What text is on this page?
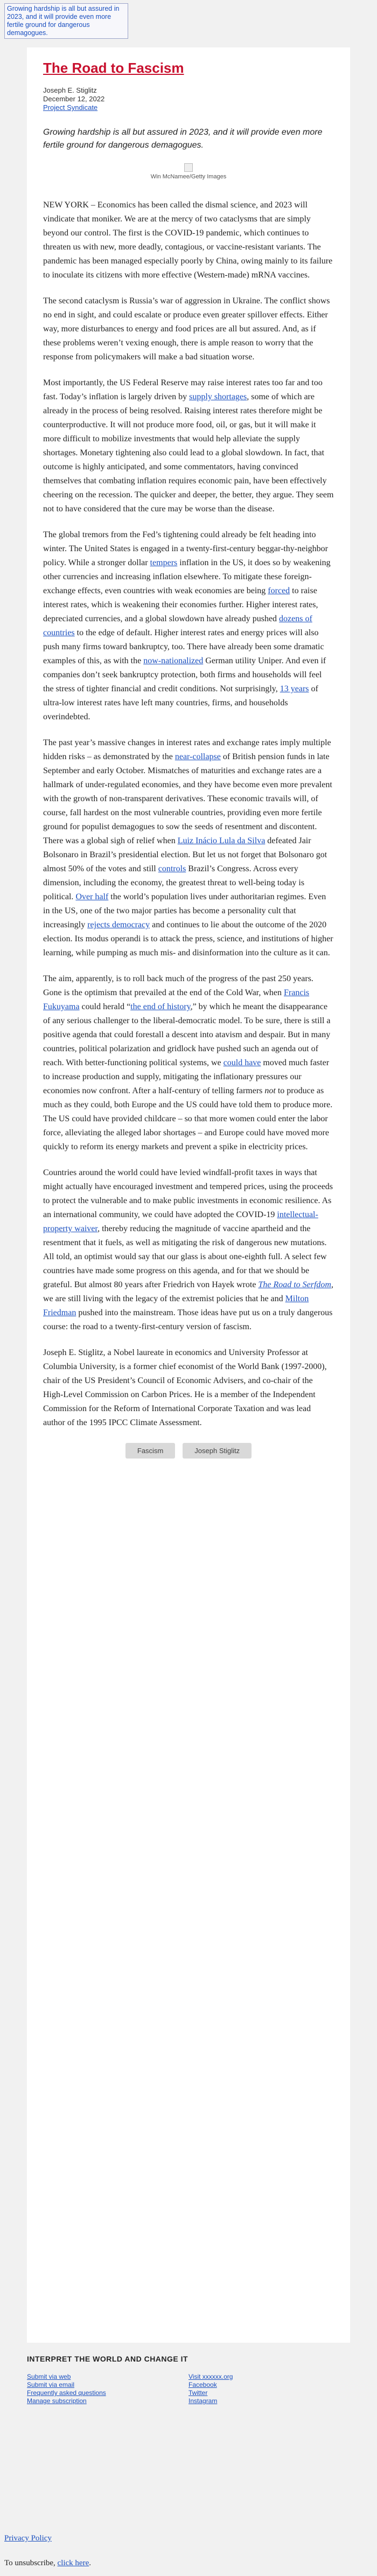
Growing hardship is all but assured in 2023, and it will provide even more fertile ground for dangerous demagogues.
The Road to Fascism
Joseph E. Stiglitz
December 12, 2022
Project Syndicate
Growing hardship is all but assured in 2023, and it will provide even more fertile ground for dangerous demagogues.
Win McNamee/Getty Images

NEW YORK – Economics has been called the dismal science, and 2023 will vindicate that moniker. We are at the mercy of two cataclysms that are simply beyond our control. The first is the COVID-19 pandemic, which continues to threaten us with new, more deadly, contagious, or vaccine-resistant variants. The pandemic has been managed especially poorly by China, owing mainly to its failure to inoculate its citizens with more effective (Western-made) mRNA vaccines.

The second cataclysm is Russia’s war of aggression in Ukraine. The conflict shows no end in sight, and could escalate or produce even greater spillover effects. Either way, more disturbances to energy and food prices are all but assured. And, as if these problems weren’t vexing enough, there is ample reason to worry that the response from policymakers will make a bad situation worse.

Most importantly, the US Federal Reserve may raise interest rates too far and too fast. Today’s inflation is largely driven by supply shortages, some of which are already in the process of being resolved. Raising interest rates therefore might be counterproductive. It will not produce more food, oil, or gas, but it will make it more difficult to mobilize investments that would help alleviate the supply shortages. Monetary tightening also could lead to a global slowdown. In fact, that outcome is highly anticipated, and some commentators, having convinced themselves that combating inflation requires economic pain, have been effectively cheering on the recession. The quicker and deeper, the better, they argue. They seem not to have considered that the cure may be worse than the disease.

The global tremors from the Fed’s tightening could already be felt heading into winter. The United States is engaged in a twenty-first-century beggar-thy-neighbor policy. While a stronger dollar tempers inflation in the US, it does so by weakening other currencies and increasing inflation elsewhere. To mitigate these foreign-exchange effects, even countries with weak economies are being forced to raise interest rates, which is weakening their economies further. Higher interest rates, depreciated currencies, and a global slowdown have already pushed dozens of countries to the edge of default. Higher interest rates and energy prices will also push many firms toward bankruptcy, too. There have already been some dramatic examples of this, as with the now-nationalized German utility Uniper. And even if companies don’t seek bankruptcy protection, both firms and households will feel the stress of tighter financial and credit conditions. Not surprisingly, 13 years of ultra-low interest rates have left many countries, firms, and households overindebted.

The past year’s massive changes in interest rates and exchange rates imply multiple hidden risks – as demonstrated by the near-collapse of British pension funds in late September and early October. Mismatches of maturities and exchange rates are a hallmark of under-regulated economies, and they have become even more prevalent with the growth of non-transparent derivatives. These economic travails will, of course, fall hardest on the most vulnerable countries, providing even more fertile ground for populist demagogues to sow the seeds of resentment and discontent. There was a global sigh of relief when Luiz Inácio Lula da Silva defeated Jair Bolsonaro in Brazil’s presidential election. But let us not forget that Bolsonaro got almost 50% of the votes and still controls Brazil’s Congress. Across every dimension, including the economy, the greatest threat to well-being today is political. Over half the world’s population lives under authoritarian regimes. Even in the US, one of the two major parties has become a personality cult that increasingly rejects democracy and continues to lie about the outcome of the 2020 election. Its modus operandi is to attack the press, science, and institutions of higher learning, while pumping as much mis- and disinformation into the culture as it can.

The aim, apparently, is to roll back much of the progress of the past 250 years. Gone is the optimism that prevailed at the end of the Cold War, when Francis Fukuyama could herald “the end of history,” by which he meant the disappearance of any serious challenger to the liberal-democratic model. To be sure, there is still a positive agenda that could forestall a descent into atavism and despair. But in many countries, political polarization and gridlock have pushed such an agenda out of reach. With better-functioning political systems, we could have moved much faster to increase production and supply, mitigating the inflationary pressures our economies now confront. After a half-century of telling farmers not to produce as much as they could, both Europe and the US could have told them to produce more. The US could have provided childcare – so that more women could enter the labor force, alleviating the alleged labor shortages – and Europe could have moved more quickly to reform its energy markets and prevent a spike in electricity prices.

Countries around the world could have levied windfall-profit taxes in ways that might actually have encouraged investment and tempered prices, using the proceeds to protect the vulnerable and to make public investments in economic resilience. As an international community, we could have adopted the COVID-19 intellectual-property waiver, thereby reducing the magnitude of vaccine apartheid and the resentment that it fuels, as well as mitigating the risk of dangerous new mutations. All told, an optimist would say that our glass is about one-eighth full. A select few countries have made some progress on this agenda, and for that we should be grateful. But almost 80 years after Friedrich von Hayek wrote The Road to Serfdom, we are still living with the legacy of the extremist policies that he and Milton Friedman pushed into the mainstream. Those ideas have put us on a truly dangerous course: the road to a twenty-first-century version of fascism.

Joseph E. Stiglitz, a Nobel laureate in economics and University Professor at Columbia University, is a former chief economist of the World Bank (1997-2000), chair of the US President’s Council of Economic Advisers, and co-chair of the High-Level Commission on Carbon Prices. He is a member of the Independent Commission for the Reform of International Corporate Taxation and was lead author of the 1995 IPCC Climate Assessment.

Fascism	Joseph Stiglitz
INTERPRET THE WORLD AND CHANGE IT
Submit via web
Submit via email
Frequently asked questions
Manage subscription
Visit xxxxxx.org
Facebook
Twitter
Instagram
Privacy Policy
To unsubscribe, click here.
